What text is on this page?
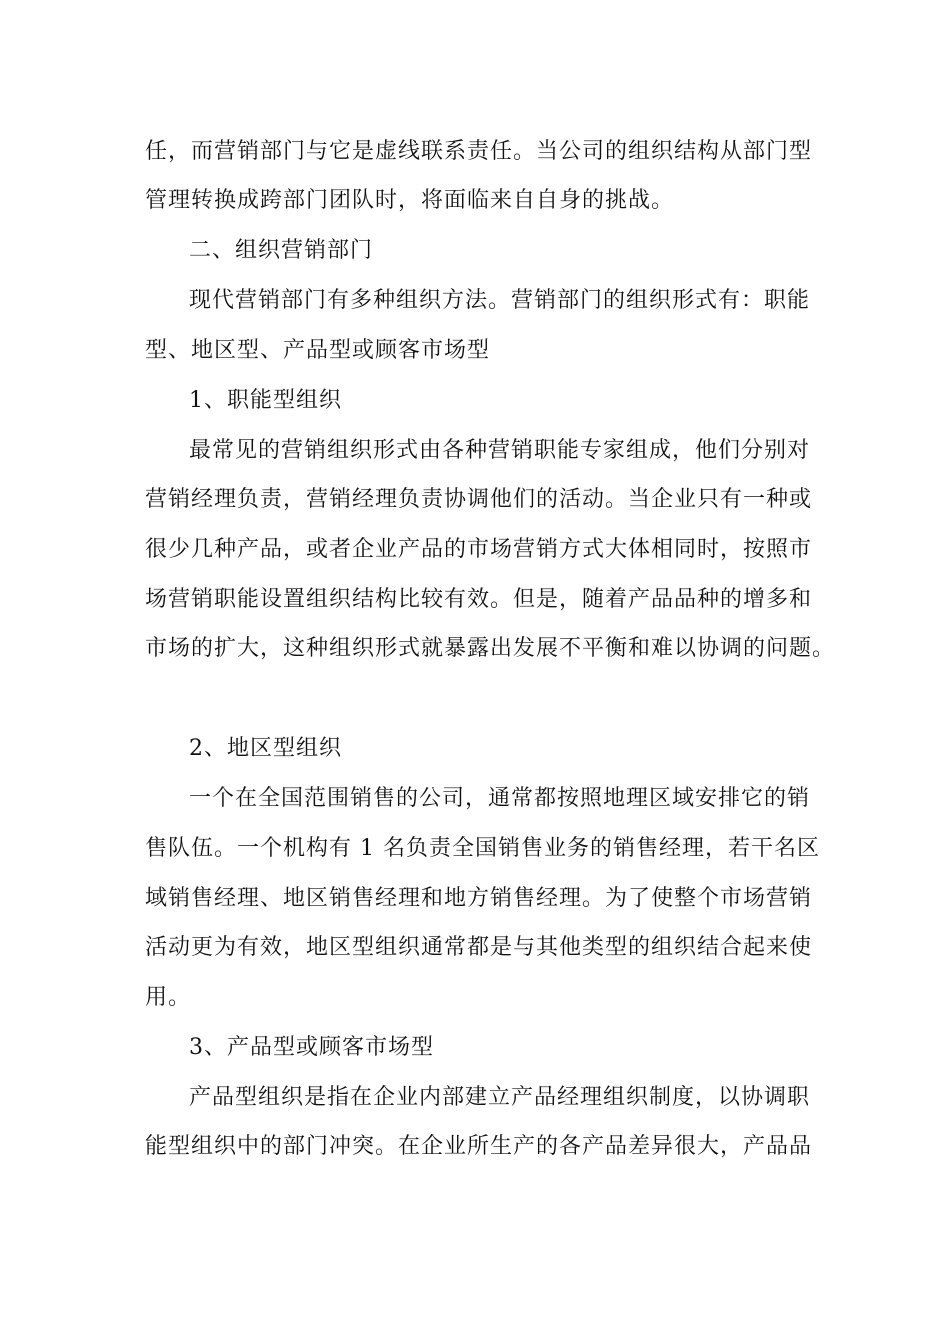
任，而营销部门与它是虚线联系责任。当公司的组织结构从部门型
管理转换成跨部门团队时，将面临来自自身的挑战。
二、组织营销部门
现代营销部门有多种组织方法。营销部门的组织形式有：职能
型、地区型、产品型或顾客市场型
1、职能型组织
最常见的营销组织形式由各种营销职能专家组成，他们分别对
营销经理负责，营销经理负责协调他们的活动。当企业只有一种或
很少几种产品，或者企业产品的市场营销方式大体相同时，按照市
场营销职能设置组织结构比较有效。但是，随着产品品种的增多和
市场的扩大，这种组织形式就暴露出发展不平衡和难以协调的问题。
2、地区型组织
一个在全国范围销售的公司，通常都按照地理区域安排它的销
售队伍。一个机构有 1 名负责全国销售业务的销售经理，若干名区
域销售经理、地区销售经理和地方销售经理。为了使整个市场营销
活动更为有效，地区型组织通常都是与其他类型的组织结合起来使
用。
3、产品型或顾客市场型
产品型组织是指在企业内部建立产品经理组织制度，以协调职
能型组织中的部门冲突。在企业所生产的各产品差异很大，产品品
